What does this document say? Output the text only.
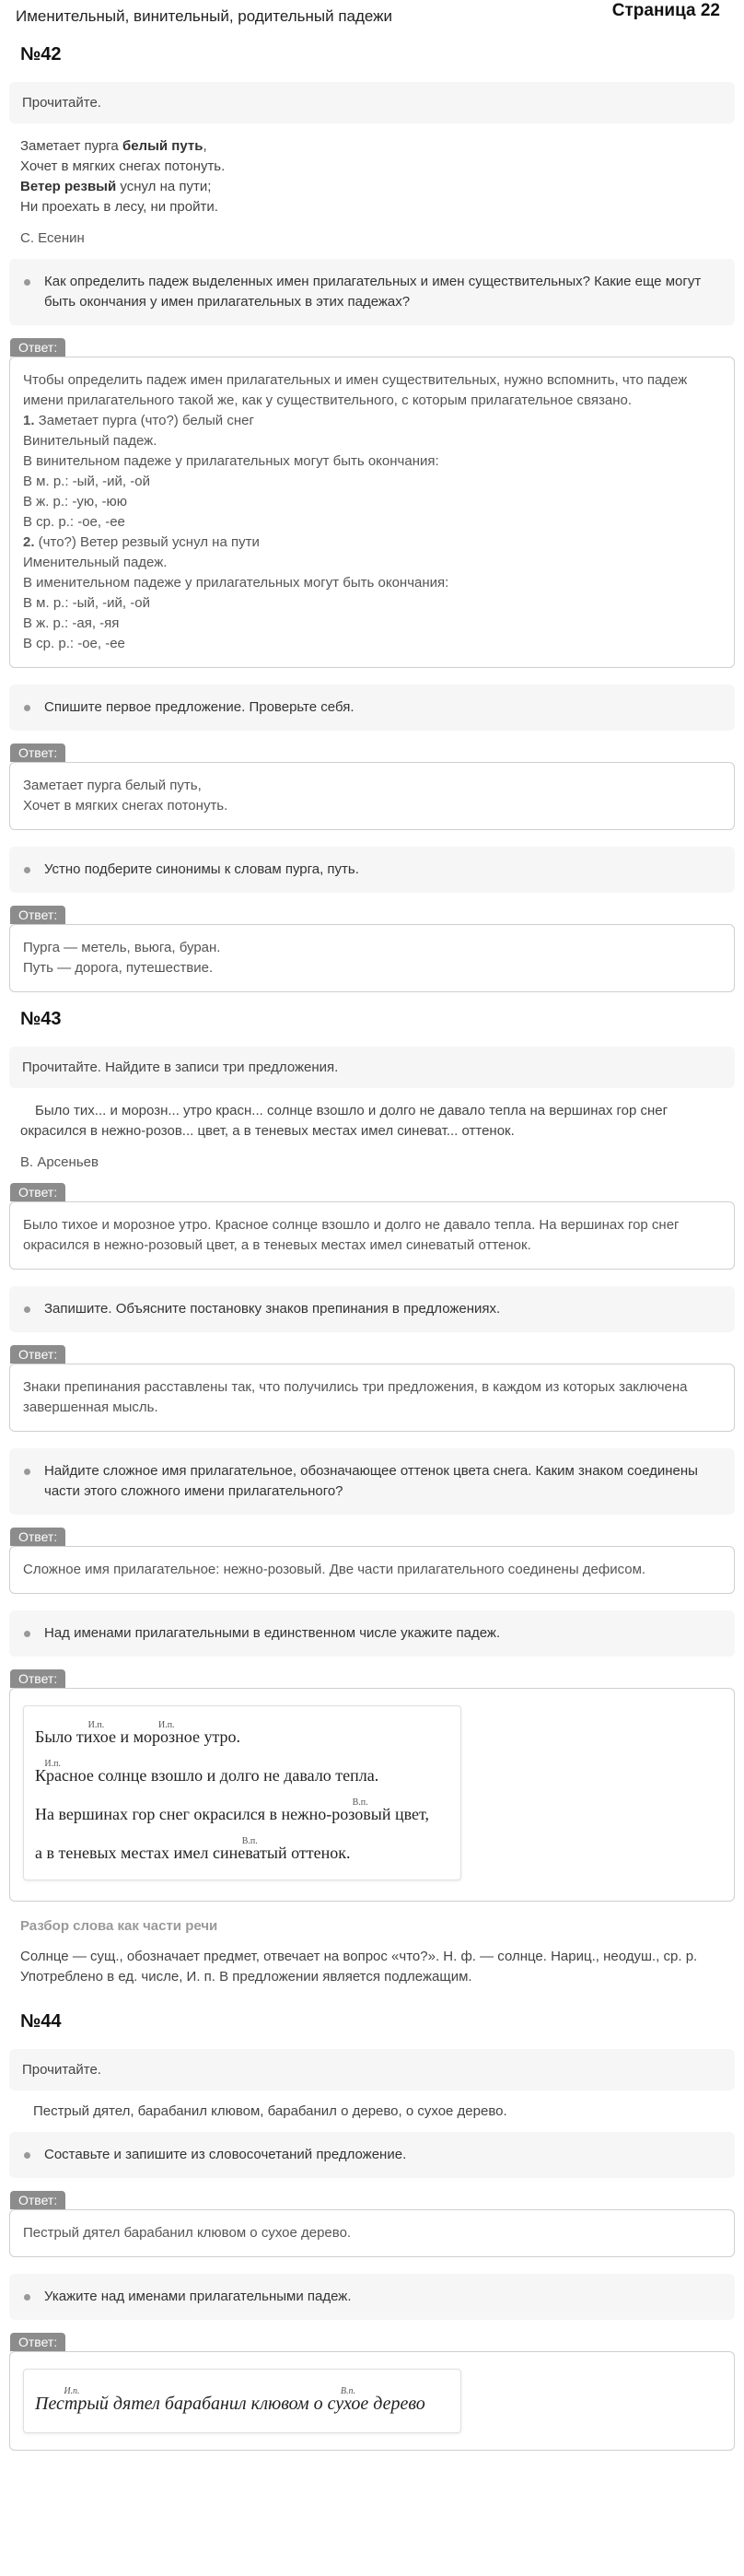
Именительный, винительный, родительный падежи	Страница 22
№42
Прочитайте.
Заметает пурга белый путь,
Хочет в мягких снегах потонуть.
Ветер резвый уснул на пути;
Ни проехать в лесу, ни пройти.
С. Есенин
Как определить падеж выделенных имен прилагательных и имен существительных? Какие еще могут быть окончания у имен прилагательных в этих падежах?
Ответ:
Чтобы определить падеж имен прилагательных и имен существительных, нужно вспомнить, что падеж имени прилагательного такой же, как у существительного, с которым прилагательное связано.
1. Заметает пурга (что?) белый снег
Винительный падеж.
В винительном падеже у прилагательных могут быть окончания:
В м. р.: -ый, -ий, -ой
В ж. р.: -ую, -юю
В ср. р.: -ое, -ее
2. (что?) Ветер резвый уснул на пути
Именительный падеж.
В именительном падеже у прилагательных могут быть окончания:
В м. р.: -ый, -ий, -ой
В ж. р.: -ая, -яя
В ср. р.: -ое, -ее
Спишите первое предложение. Проверьте себя.
Ответ:
Заметает пурга белый путь,
Хочет в мягких снегах потонуть.
Устно подберите синонимы к словам пурга, путь.
Ответ:
Пурга — метель, вьюга, буран.
Путь — дорога, путешествие.
№43
Прочитайте. Найдите в записи три предложения.
Было тих... и морозн... утро красн... солнце взошло и долго не давало тепла на вершинах гор снег окрасился в нежно-розов... цвет, а в теневых местах имел синеват... оттенок.
В. Арсеньев
Ответ:
Было тихое и морозное утро. Красное солнце взошло и долго не давало тепла. На вершинах гор снег окрасился в нежно-розовый цвет, а в теневых местах имел синеватый оттенок.
Запишите. Объясните постановку знаков препинания в предложениях.
Ответ:
Знаки препинания расставлены так, что получились три предложения, в каждом из которых заключена завершенная мысль.
Найдите сложное имя прилагательное, обозначающее оттенок цвета снега. Каким знаком соединены части этого сложного имени прилагательного?
Ответ:
Сложное имя прилагательное: нежно-розовый. Две части прилагательного соединены дефисом.
Над именами прилагательными в единственном числе укажите падеж.
Ответ:
Было
И.п.
тихое и
И.п.
морозное утро.
И.п.
Красное солнце взошло и долго не давало тепла.
На вершинах гор снег окрасился в
В.п.
нежно-розовый цвет,
а в теневых местах имел
В.п.
синеватый оттенок.
Разбор слова как части речи
Солнце — сущ., обозначает предмет, отвечает на вопрос «что?». Н. ф. — солнце. Нариц., неодуш., ср. р. Употреблено в ед. числе, И. п. В предложении является подлежащим.
№44
Прочитайте.
Пестрый дятел, барабанил клювом, барабанил о дерево, о сухое дерево.
Составьте и запишите из словосочетаний предложение.
Ответ:
Пестрый дятел барабанил клювом о сухое дерево.
Укажите над именами прилагательными падеж.
Ответ:
И.п.
Пестрый дятел барабанил клювом о
В.п.
сухое дерево
